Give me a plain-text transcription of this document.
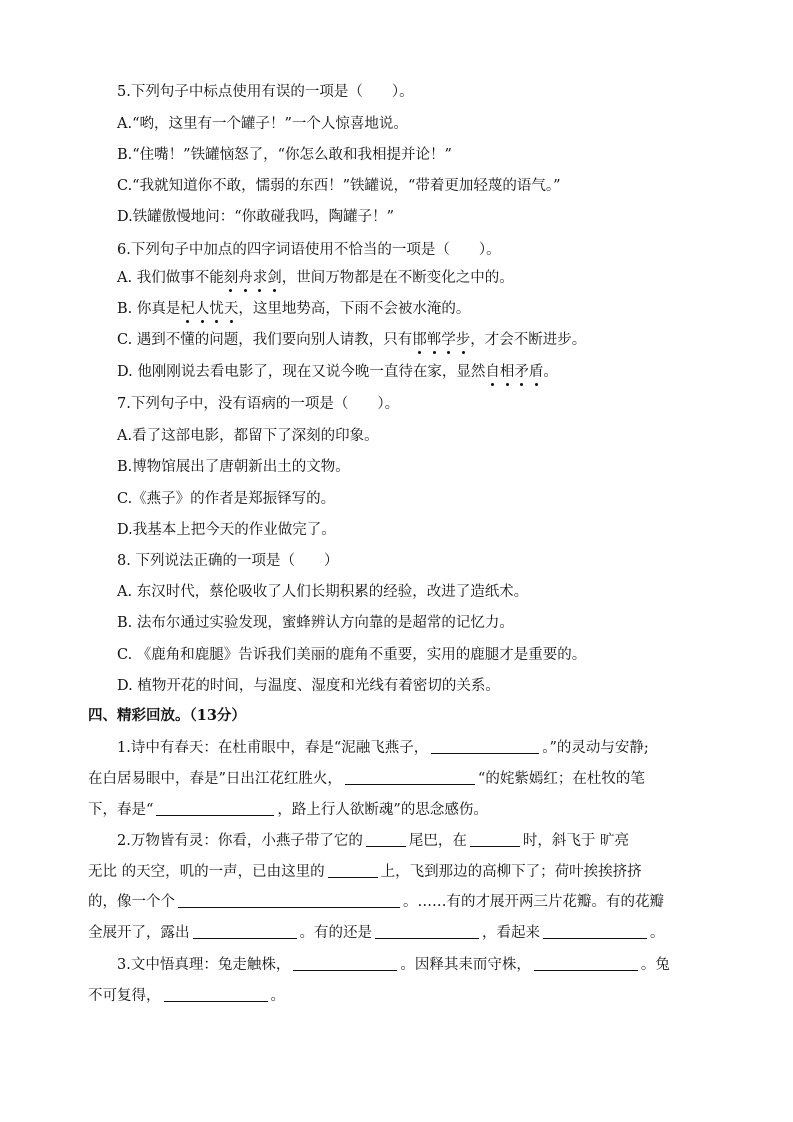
5.下列句子中标点使用有误的一项是（　　）。
A.“哟，这里有一个罐子！”一个人惊喜地说。
B.“住嘴！”铁罐恼怒了，“你怎么敢和我相提并论！”
C.“我就知道你不敢，懦弱的东西！”铁罐说，“带着更加轻蔑的语气。”
D.铁罐傲慢地问：“你敢碰我吗，陶罐子！”
6.下列句子中加点的四字词语使用不恰当的一项是（　　）。
A. 我们做事不能刻舟求剑，世间万物都是在不断变化之中的。
B. 你真是杞人忧天，这里地势高，下雨不会被水淹的。
C. 遇到不懂的问题，我们要向别人请教，只有邯郸学步，才会不断进步。
D. 他刚刚说去看电影了，现在又说今晚一直待在家，显然自相矛盾。
7.下列句子中，没有语病的一项是（　　）。
A.看了这部电影，都留下了深刻的印象。
B.博物馆展出了唐朝新出土的文物。
C.《燕子》的作者是郑振铎写的。
D.我基本上把今天的作业做完了。
8. 下列说法正确的一项是（　　）
A. 东汉时代，蔡伦吸收了人们长期积累的经验，改进了造纸术。
B. 法布尔通过实验发现，蜜蜂辨认方向靠的是超常的记忆力。
C. 《鹿角和鹿腿》告诉我们美丽的鹿角不重要，实用的鹿腿才是重要的。
D. 植物开花的时间，与温度、湿度和光线有着密切的关系。
四、精彩回放。（13分）
1.诗中有春天：在杜甫眼中，春是“泥融飞燕子，	。”的灵动与安静;
在白居易眼中，春是”日出江花红胜火，	“的姹紫嫣红；在杜牧的笔
下，春是“	，路上行人欲断魂”的思念感伤。
2.万物皆有灵：你看，小燕子带了它的	尾巴，在	时，斜飞于 旷亮
无比 的天空，叽的一声，已由这里的	上，飞到那边的高柳下了；荷叶挨挨挤挤
的，像一个个	。……有的才展开两三片花瓣。有的花瓣
全展开了，露出	。有的还是	，看起来	。
3.文中悟真理：兔走触株，	。因释其耒而守株，	。兔
不可复得，	。
